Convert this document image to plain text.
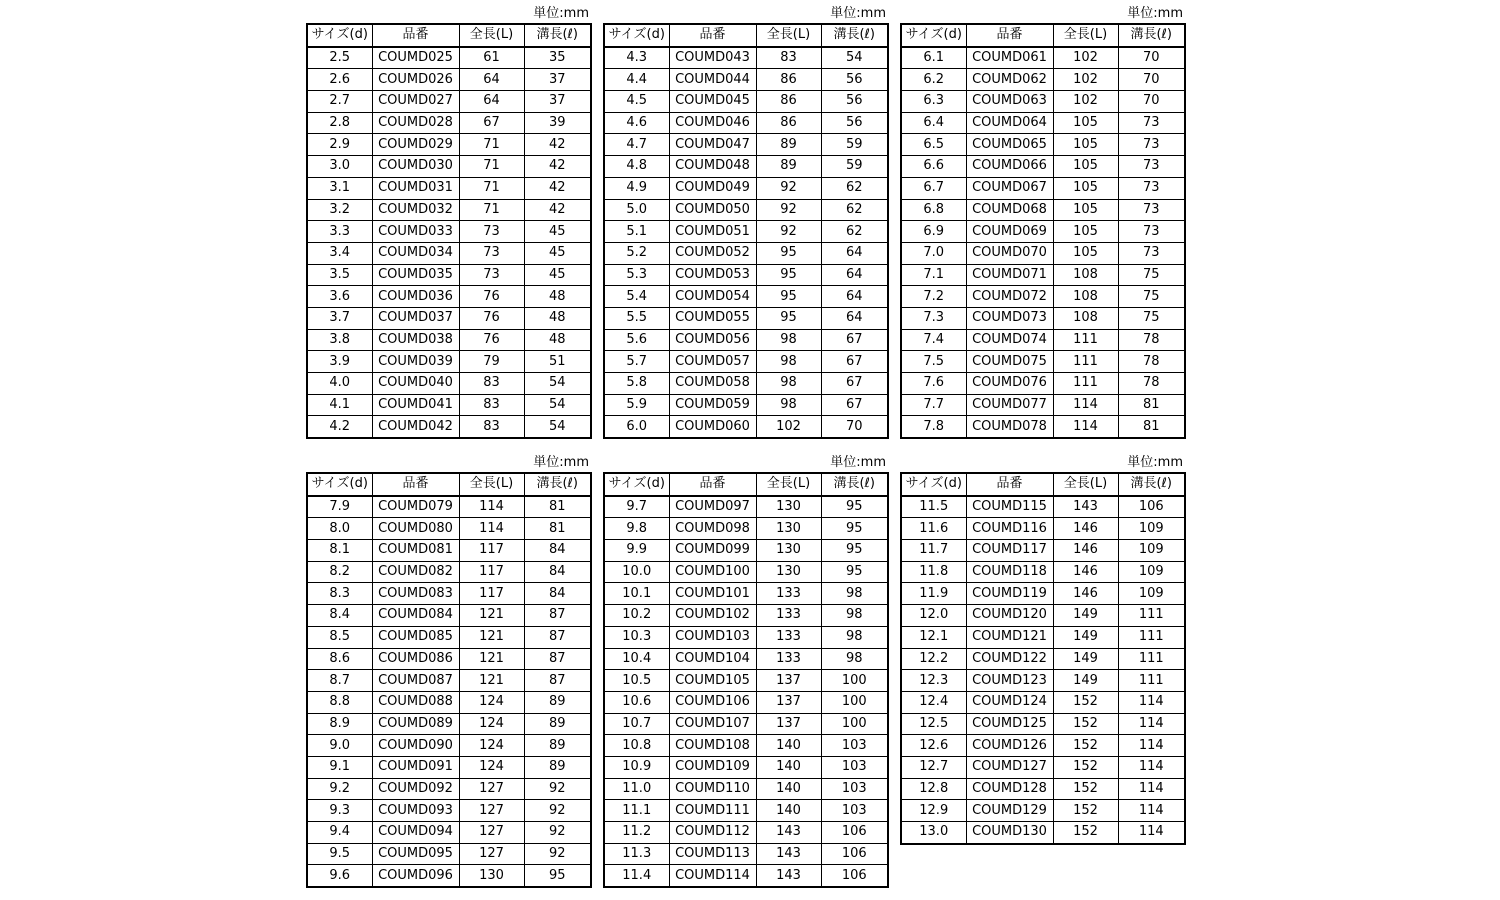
単位:mm
サイズ(d)	品番	全長(L)	溝長(ℓ)
2.5	COUMD025	61	35
2.6	COUMD026	64	37
2.7	COUMD027	64	37
2.8	COUMD028	67	39
2.9	COUMD029	71	42
3.0	COUMD030	71	42
3.1	COUMD031	71	42
3.2	COUMD032	71	42
3.3	COUMD033	73	45
3.4	COUMD034	73	45
3.5	COUMD035	73	45
3.6	COUMD036	76	48
3.7	COUMD037	76	48
3.8	COUMD038	76	48
3.9	COUMD039	79	51
4.0	COUMD040	83	54
4.1	COUMD041	83	54
4.2	COUMD042	83	54
単位:mm
サイズ(d)	品番	全長(L)	溝長(ℓ)
4.3	COUMD043	83	54
4.4	COUMD044	86	56
4.5	COUMD045	86	56
4.6	COUMD046	86	56
4.7	COUMD047	89	59
4.8	COUMD048	89	59
4.9	COUMD049	92	62
5.0	COUMD050	92	62
5.1	COUMD051	92	62
5.2	COUMD052	95	64
5.3	COUMD053	95	64
5.4	COUMD054	95	64
5.5	COUMD055	95	64
5.6	COUMD056	98	67
5.7	COUMD057	98	67
5.8	COUMD058	98	67
5.9	COUMD059	98	67
6.0	COUMD060	102	70
単位:mm
サイズ(d)	品番	全長(L)	溝長(ℓ)
6.1	COUMD061	102	70
6.2	COUMD062	102	70
6.3	COUMD063	102	70
6.4	COUMD064	105	73
6.5	COUMD065	105	73
6.6	COUMD066	105	73
6.7	COUMD067	105	73
6.8	COUMD068	105	73
6.9	COUMD069	105	73
7.0	COUMD070	105	73
7.1	COUMD071	108	75
7.2	COUMD072	108	75
7.3	COUMD073	108	75
7.4	COUMD074	111	78
7.5	COUMD075	111	78
7.6	COUMD076	111	78
7.7	COUMD077	114	81
7.8	COUMD078	114	81
単位:mm
サイズ(d)	品番	全長(L)	溝長(ℓ)
7.9	COUMD079	114	81
8.0	COUMD080	114	81
8.1	COUMD081	117	84
8.2	COUMD082	117	84
8.3	COUMD083	117	84
8.4	COUMD084	121	87
8.5	COUMD085	121	87
8.6	COUMD086	121	87
8.7	COUMD087	121	87
8.8	COUMD088	124	89
8.9	COUMD089	124	89
9.0	COUMD090	124	89
9.1	COUMD091	124	89
9.2	COUMD092	127	92
9.3	COUMD093	127	92
9.4	COUMD094	127	92
9.5	COUMD095	127	92
9.6	COUMD096	130	95
単位:mm
サイズ(d)	品番	全長(L)	溝長(ℓ)
9.7	COUMD097	130	95
9.8	COUMD098	130	95
9.9	COUMD099	130	95
10.0	COUMD100	130	95
10.1	COUMD101	133	98
10.2	COUMD102	133	98
10.3	COUMD103	133	98
10.4	COUMD104	133	98
10.5	COUMD105	137	100
10.6	COUMD106	137	100
10.7	COUMD107	137	100
10.8	COUMD108	140	103
10.9	COUMD109	140	103
11.0	COUMD110	140	103
11.1	COUMD111	140	103
11.2	COUMD112	143	106
11.3	COUMD113	143	106
11.4	COUMD114	143	106
単位:mm
サイズ(d)	品番	全長(L)	溝長(ℓ)
11.5	COUMD115	143	106
11.6	COUMD116	146	109
11.7	COUMD117	146	109
11.8	COUMD118	146	109
11.9	COUMD119	146	109
12.0	COUMD120	149	111
12.1	COUMD121	149	111
12.2	COUMD122	149	111
12.3	COUMD123	149	111
12.4	COUMD124	152	114
12.5	COUMD125	152	114
12.6	COUMD126	152	114
12.7	COUMD127	152	114
12.8	COUMD128	152	114
12.9	COUMD129	152	114
13.0	COUMD130	152	114
